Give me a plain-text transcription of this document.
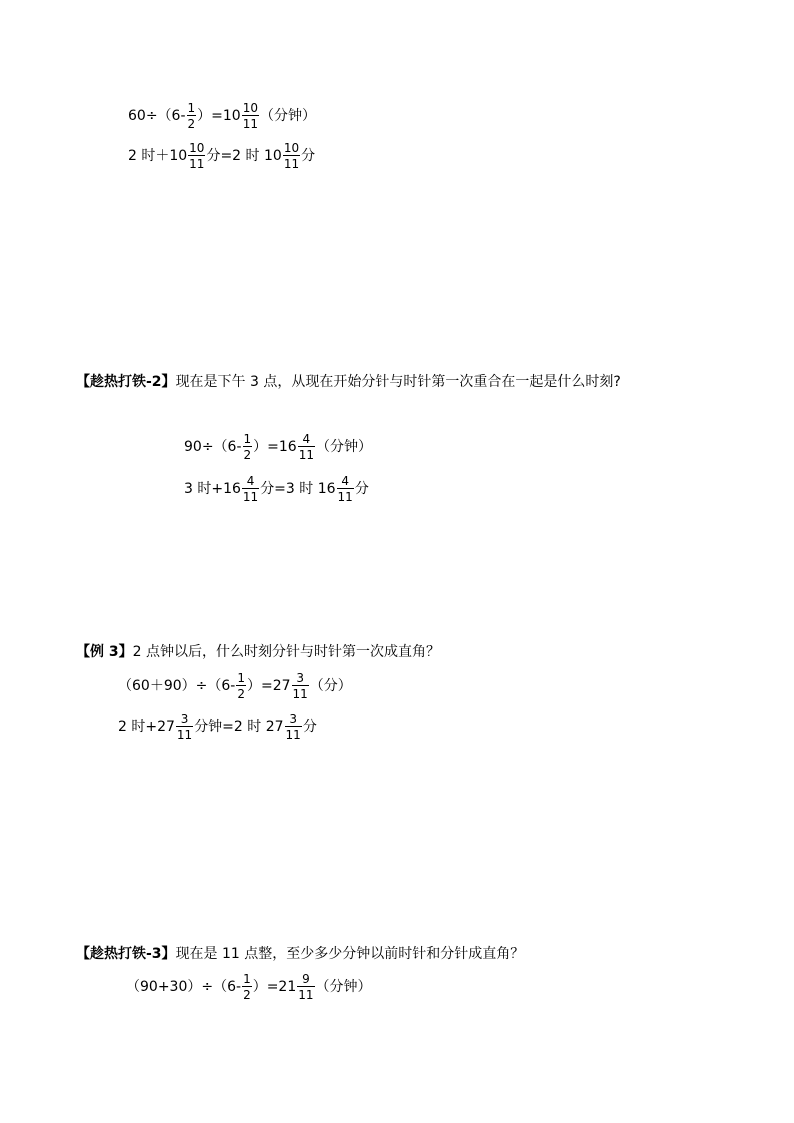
$60\div(6- \frac{1}{2} )=10 \frac{10}{11}$ （分钟）
2 时$+10 \frac{10}{11}$ 分=2 时 $10 \frac{10}{11}$ 分
【趁热打铁-2】 现在是下午 3 点，从现在开始分针与时针第一次重合在一起是什么时刻?
$90\div(6- \frac{1}{2} )=16 \frac{4}{11}$ （分钟）
3 时$+16 \frac{4}{11}$ 分=3 时 $16 \frac{4}{11}$ 分
【例 3】 2 点钟以后，什么时刻分针与时针第一次成直角？
$(60+90)\div(6- \frac{1}{2} )=27 \frac{3}{11}$ （分）
2 时$+27 \frac{3}{11}$ 分钟=2 时 $27 \frac{3}{11}$ 分
【趁热打铁-3】 现在是 11 点整，至少多少分钟以前时针和分针成直角？
$(90+30)\div(6- \frac{1}{2} )=21 \frac{9}{11}$ （分钟）
